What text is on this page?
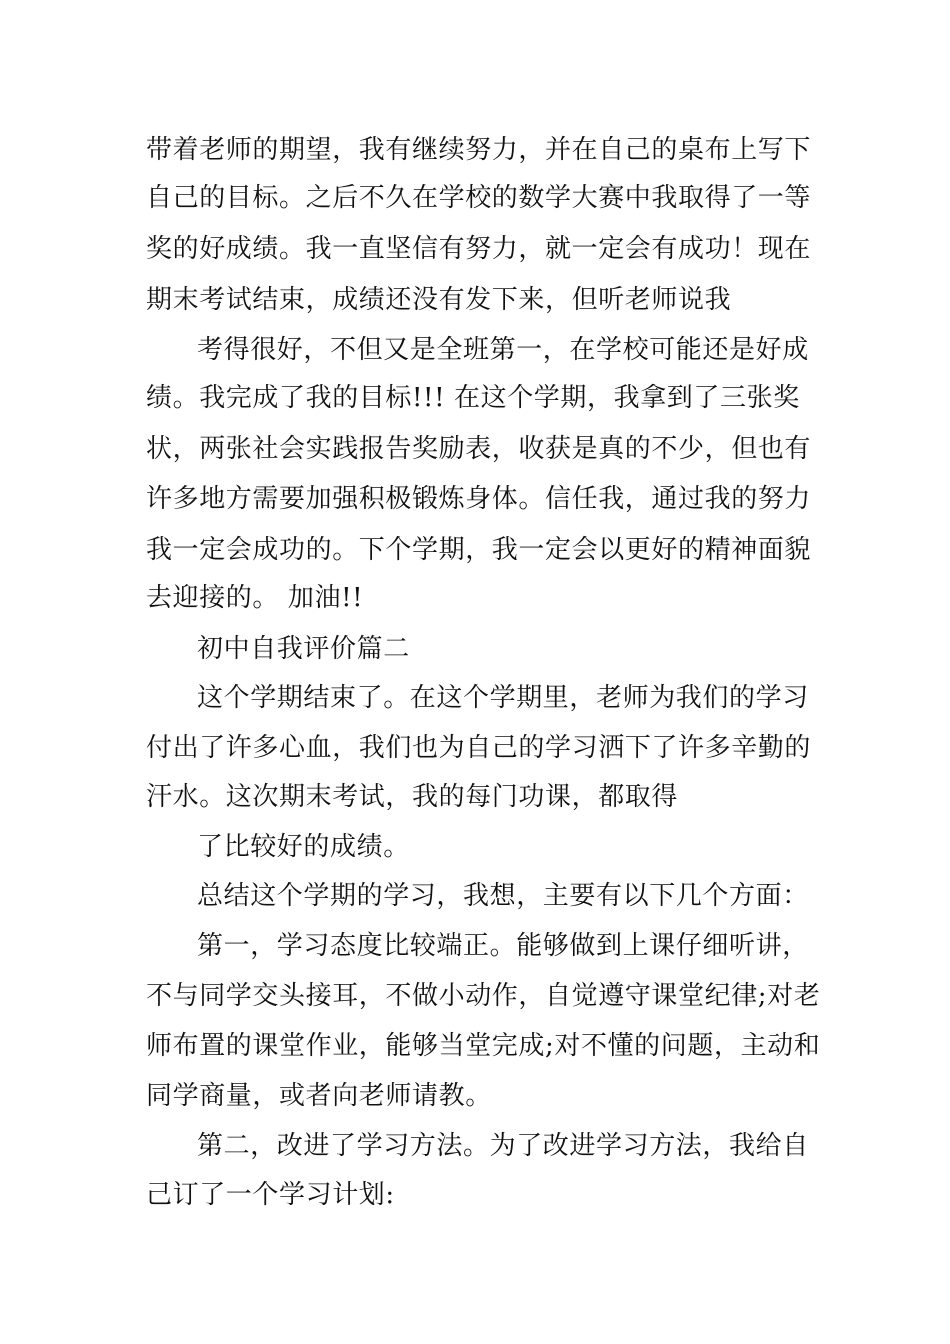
带着老师的期望，我有继续努力，并在自己的桌布上写下
自己的目标。之后不久在学校的数学大赛中我取得了一等
奖的好成绩。我一直坚信有努力，就一定会有成功！现在
期末考试结束，成绩还没有发下来，但听老师说我
考得很好，不但又是全班第一，在学校可能还是好成
绩。我完成了我的目标!!! 在这个学期，我拿到了三张奖
状，两张社会实践报告奖励表，收获是真的不少，但也有
许多地方需要加强积极锻炼身体。信任我，通过我的努力
我一定会成功的。下个学期，我一定会以更好的精神面貌
去迎接的。 加油!!
初中自我评价篇二
这个学期结束了。在这个学期里，老师为我们的学习
付出了许多心血，我们也为自己的学习洒下了许多辛勤的
汗水。这次期末考试，我的每门功课，都取得
了比较好的成绩。
总结这个学期的学习，我想，主要有以下几个方面：
第一，学习态度比较端正。能够做到上课仔细听讲，
不与同学交头接耳，不做小动作，自觉遵守课堂纪律;对老
师布置的课堂作业，能够当堂完成;对不懂的问题，主动和
同学商量，或者向老师请教。
第二，改进了学习方法。为了改进学习方法，我给自
己订了一个学习计划:
